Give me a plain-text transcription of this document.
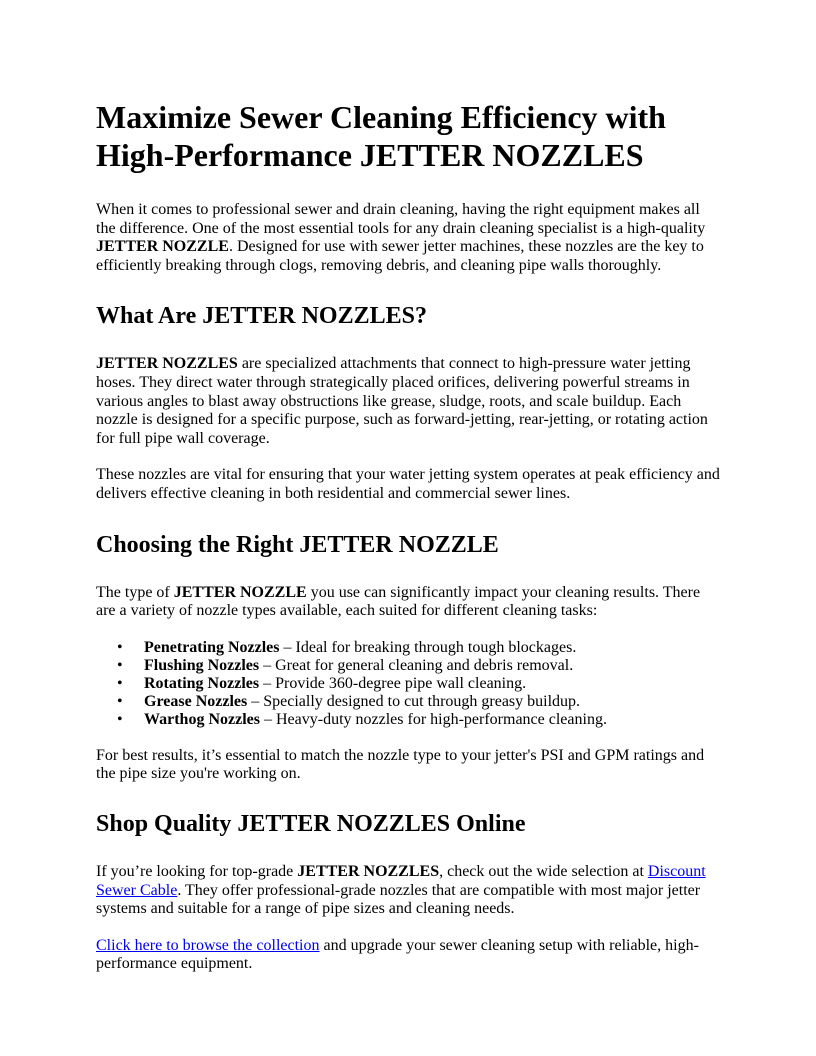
Maximize Sewer Cleaning Efficiency with High-Performance JETTER NOZZLES

When it comes to professional sewer and drain cleaning, having the right equipment makes all the difference. One of the most essential tools for any drain cleaning specialist is a high-quality JETTER NOZZLE. Designed for use with sewer jetter machines, these nozzles are the key to efficiently breaking through clogs, removing debris, and cleaning pipe walls thoroughly.

What Are JETTER NOZZLES?

JETTER NOZZLES are specialized attachments that connect to high-pressure water jetting hoses. They direct water through strategically placed orifices, delivering powerful streams in various angles to blast away obstructions like grease, sludge, roots, and scale buildup. Each nozzle is designed for a specific purpose, such as forward-jetting, rear-jetting, or rotating action for full pipe wall coverage.

These nozzles are vital for ensuring that your water jetting system operates at peak efficiency and delivers effective cleaning in both residential and commercial sewer lines.

Choosing the Right JETTER NOZZLE

The type of JETTER NOZZLE you use can significantly impact your cleaning results. There are a variety of nozzle types available, each suited for different cleaning tasks:

• Penetrating Nozzles – Ideal for breaking through tough blockages.
• Flushing Nozzles – Great for general cleaning and debris removal.
• Rotating Nozzles – Provide 360-degree pipe wall cleaning.
• Grease Nozzles – Specially designed to cut through greasy buildup.
• Warthog Nozzles – Heavy-duty nozzles for high-performance cleaning.

For best results, it’s essential to match the nozzle type to your jetter's PSI and GPM ratings and the pipe size you're working on.

Shop Quality JETTER NOZZLES Online

If you’re looking for top-grade JETTER NOZZLES, check out the wide selection at Discount Sewer Cable. They offer professional-grade nozzles that are compatible with most major jetter systems and suitable for a range of pipe sizes and cleaning needs.

Click here to browse the collection and upgrade your sewer cleaning setup with reliable, high-performance equipment.
